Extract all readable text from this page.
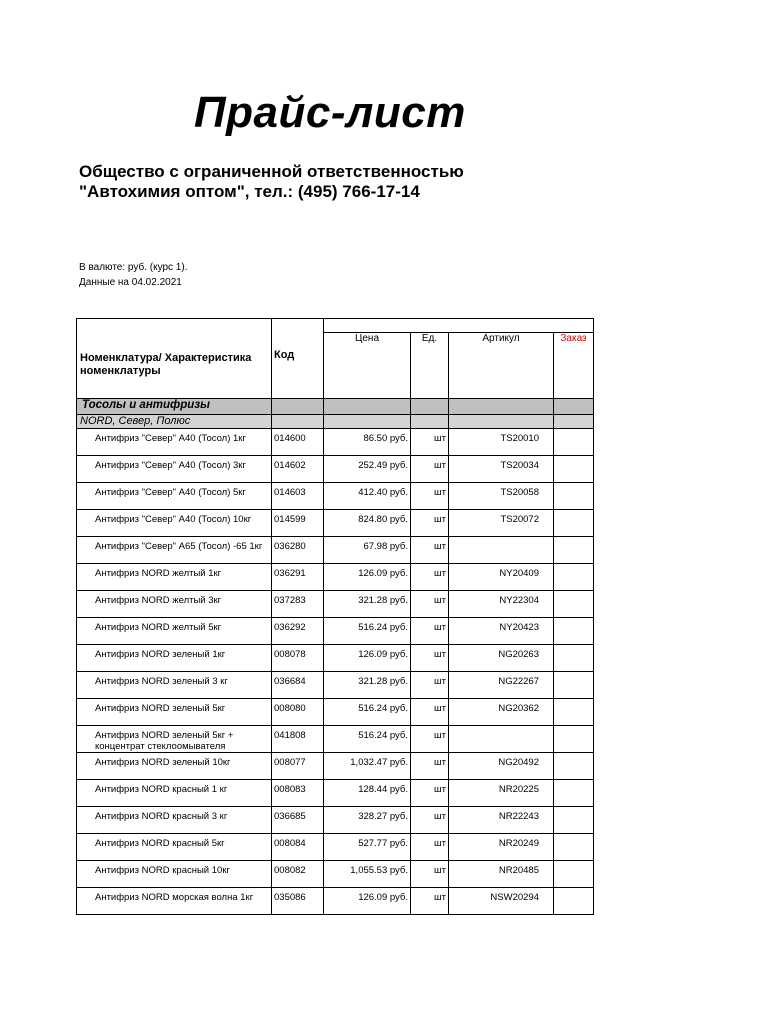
Прайс-лист
Общество с ограниченной ответственностью
"Автохимия оптом", тел.: (495) 766-17-14
В валюте: руб. (курс 1).
Данные на 04.02.2021
Номенклатура/ Характеристика номенклатуры	Код				
		Цена	Ед.	Артикул	Заказ
Тосолы и антифризы					
NORD, Север, Полюс					
Антифриз "Север" А40 (Тосол) 1кг	014600	86.50 руб.	шт	TS20010	
Антифриз "Север" А40 (Тосол) 3кг	014602	252.49 руб.	шт	TS20034	
Антифриз "Север" А40 (Тосол) 5кг	014603	412.40 руб.	шт	TS20058	
Антифриз "Север" А40 (Тосол) 10кг	014599	824.80 руб.	шт	TS20072	
Антифриз "Север" А65 (Тосол) -65 1кг	036280	67.98 руб.	шт		
Антифриз NORD желтый 1кг	036291	126.09 руб.	шт	NY20409	
Антифриз NORD желтый 3кг	037283	321.28 руб.	шт	NY22304	
Антифриз NORD желтый 5кг	036292	516.24 руб.	шт	NY20423	
Антифриз NORD зеленый 1кг	008078	126.09 руб.	шт	NG20263	
Антифриз NORD зеленый 3 кг	036684	321.28 руб.	шт	NG22267	
Антифриз NORD зеленый 5кг	008080	516.24 руб.	шт	NG20362	
Антифриз NORD зеленый 5кг + концентрат стеклоомывателя	041808	516.24 руб.	шт		
Антифриз NORD зеленый 10кг	008077	1,032.47 руб.	шт	NG20492	
Антифриз NORD красный 1 кг	008083	128.44 руб.	шт	NR20225	
Антифриз NORD красный 3 кг	036685	328.27 руб.	шт	NR22243	
Антифриз NORD красный 5кг	008084	527.77 руб.	шт	NR20249	
Антифриз NORD красный 10кг	008082	1,055.53 руб.	шт	NR20485	
Антифриз NORD морская волна 1кг	035086	126.09 руб.	шт	NSW20294	
